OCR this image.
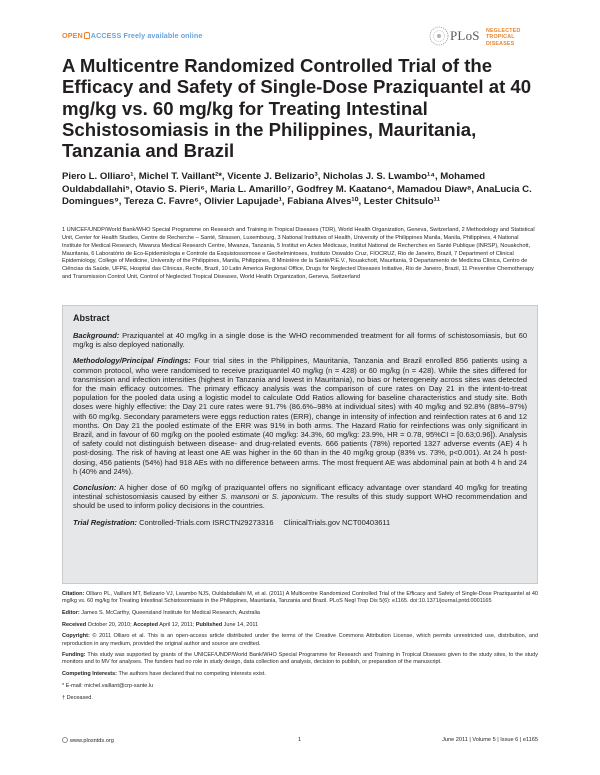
OPEN ACCESS Freely available online	PLoS NEGLECTED
TROPICAL DISEASES
A Multicentre Randomized Controlled Trial of the Efficacy and Safety of Single-Dose Praziquantel at 40 mg/kg vs. 60 mg/kg for Treating Intestinal Schistosomiasis in the Philippines, Mauritania, Tanzania and Brazil
Piero L. Olliaro¹, Michel T. Vaillant²*, Vicente J. Belizario³, Nicholas J. S. Lwambo¹⁴, Mohamed Ouldabdallahi⁵, Otavio S. Pieri⁶, Maria L. Amarillo⁷, Godfrey M. Kaatano⁴, Mamadou Diaw⁸, AnaLucia C. Domingues⁹, Tereza C. Favre⁶, Olivier Lapujade¹, Fabiana Alves¹⁰, Lester Chitsulo¹¹
1 UNICEF/UNDP/World Bank/WHO Special Programme on Research and Training in Tropical Diseases (TDR), World Health Organization, Geneva, Switzerland, 2 Methodology and Statistical Unit, Center for Health Studies, Centre de Recherche – Santé, Strassen, Luxembourg, 3 National Institutes of Health, University of the Philippines Manila, Manila, Philippines, 4 National Institute for Medical Research, Mwanza Medical Research Centre, Mwanza, Tanzania, 5 Institut en Actes Médicaux, Institut National de Recherches en Santé Publique (INRSP), Nouakchott, Mauritania, 6 Laboratório de Eco-Epidemiologia e Controle da Esquistossomose e Geohelmintoses, Instituto Oswaldo Cruz, FIOCRUZ, Rio de Janeiro, Brazil, 7 Department of Clinical Epidemiology, College of Medicine, University of the Philippines, Manila, Philippines, 8 Ministère de la Santé/P.E.V., Nouakchott, Mauritania, 9 Departamento de Medicina Clínica, Centro de Ciências da Saúde, UFPE, Hospital das Clínicas, Recife, Brazil, 10 Latin America Regional Office, Drugs for Neglected Diseases Initiative, Rio de Janeiro, Brazil, 11 Preventive Chemotherapy and Transmission Control Unit, Control of Neglected Tropical Diseases, World Health Organization, Geneva, Switzerland
Abstract

Background: Praziquantel at 40 mg/kg in a single dose is the WHO recommended treatment for all forms of schistosomiasis, but 60 mg/kg is also deployed nationally.

Methodology/Principal Findings: Four trial sites in the Philippines, Mauritania, Tanzania and Brazil enrolled 856 patients using a common protocol, who were randomised to receive praziquantel 40 mg/kg (n = 428) or 60 mg/kg (n = 428). While the sites differed for transmission and infection intensities (highest in Tanzania and lowest in Mauritania), no bias or heterogeneity across sites was detected for the main efficacy outcomes. The primary efficacy analysis was the comparison of cure rates on Day 21 in the intent-to-treat population for the pooled data using a logistic model to calculate Odd Ratios allowing for baseline characteristics and study site. Both doses were highly effective: the Day 21 cure rates were 91.7% (86.6%–98% at individual sites) with 40 mg/kg and 92.8% (88%–97%) with 60 mg/kg. Secondary parameters were eggs reduction rates (ERR), change in intensity of infection and reinfection rates at 6 and 12 months. On Day 21 the pooled estimate of the ERR was 91% in both arms. The Hazard Ratio for reinfections was only significant in Brazil, and in favour of 60 mg/kg on the pooled estimate (40 mg/kg: 34.3%, 60 mg/kg: 23.9%, HR = 0.78, 95%CI = [0.63;0.96]). Analysis of safety could not distinguish between disease- and drug-related events. 666 patients (78%) reported 1327 adverse events (AE) 4 h post-dosing. The risk of having at least one AE was higher in the 60 than in the 40 mg/kg group (83% vs. 73%, p<0.001). At 24 h post-dosing, 456 patients (54%) had 918 AEs with no difference between arms. The most frequent AE was abdominal pain at both 4 h and 24 h (40% and 24%).

Conclusion: A higher dose of 60 mg/kg of praziquantel offers no significant efficacy advantage over standard 40 mg/kg for treating intestinal schistosomiasis caused by either S. mansoni or S. japonicum. The results of this study support WHO recommendation and should be used to inform policy decisions in the countries.

Trial Registration: Controlled-Trials.com ISRCTN29273316 ClinicalTrials.gov NCT00403611

Citation: Olliaro PL, Vaillant MT, Belizario VJ, Lwambo NJS, Ouldabdallahi M, et al. (2011) A Multicentre Randomized Controlled Trial of the Efficacy and Safety of Single-Dose Praziquantel at 40 mg/kg vs. 60 mg/kg for Treating Intestinal Schistosomiasis in the Philippines, Mauritania, Tanzania and Brazil. PLoS Negl Trop Dis 5(6): e1165. doi:10.1371/journal.pntd.0001165

Editor: James S. McCarthy, Queensland Institute for Medical Research, Australia

Received October 20, 2010; Accepted April 12, 2011; Published June 14, 2011

Copyright: © 2011 Olliaro et al. This is an open-access article distributed under the terms of the Creative Commons Attribution License, which permits unrestricted use, distribution, and reproduction in any medium, provided the original author and source are credited.

Funding: This study was supported by grants of the UNICEF/UNDP/World Bank/WHO Special Programme for Research and Training in Tropical Diseases given to the study sites, to the study monitors and to MV for analyses. The funders had no role in study design, data collection and analysis, decision to publish, or preparation of the manuscript.

Competing Interests: The authors have declared that no competing interests exist.

* E-mail: michel.vaillant@crp-sante.lu

† Deceased.

www.plosntds.org	1	June 2011 | Volume 5 | Issue 6 | e1165
